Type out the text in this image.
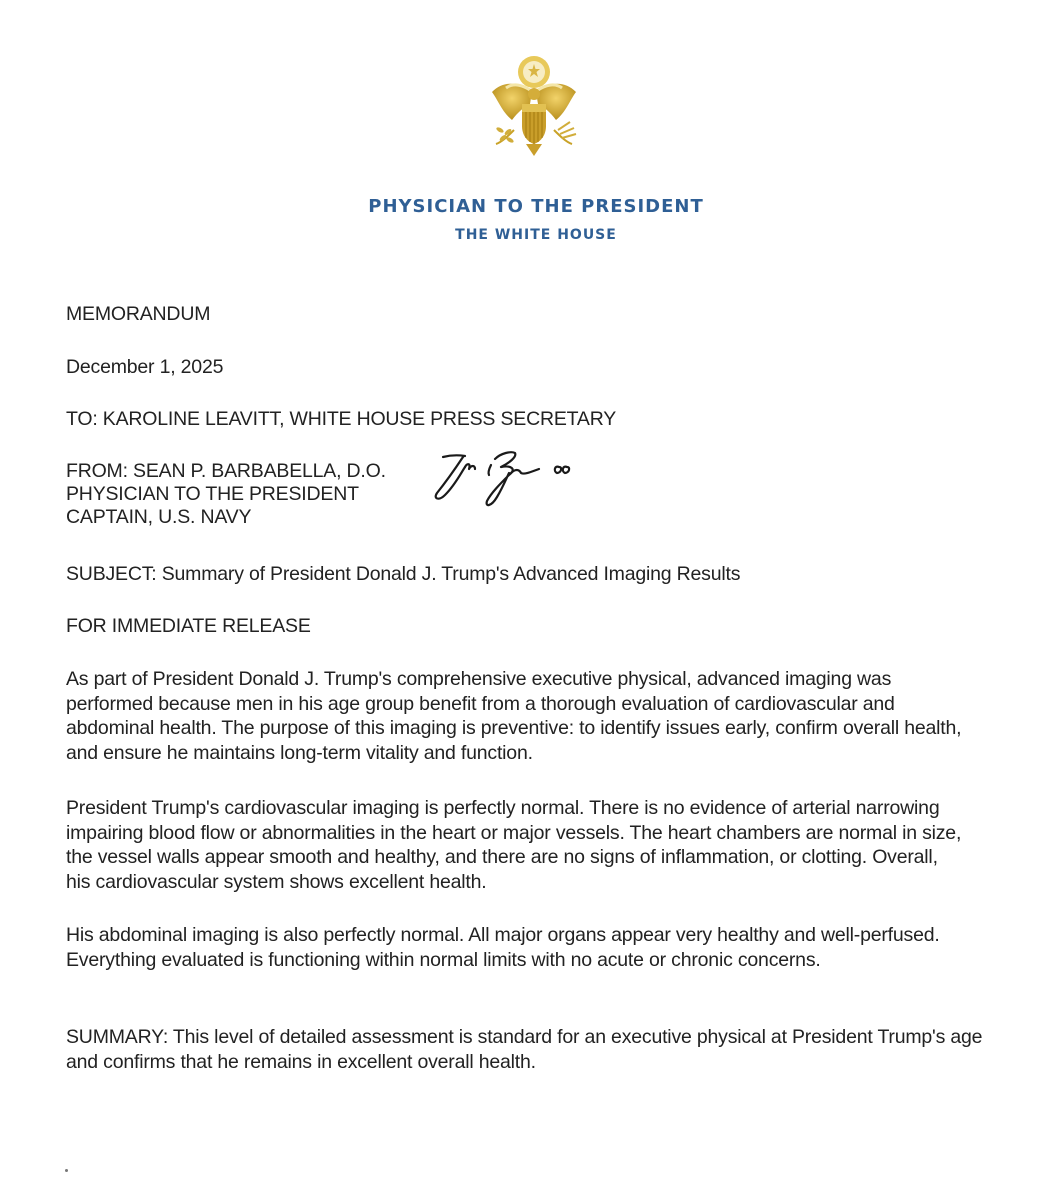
PHYSICIAN TO THE PRESIDENT
THE WHITE HOUSE
MEMORANDUM
December 1, 2025
TO: KAROLINE LEAVITT, WHITE HOUSE PRESS SECRETARY
FROM: SEAN P. BARBABELLA, D.O.
PHYSICIAN TO THE PRESIDENT
CAPTAIN, U.S. NAVY
SUBJECT: Summary of President Donald J. Trump's Advanced Imaging Results
FOR IMMEDIATE RELEASE

As part of President Donald J. Trump's comprehensive executive physical, advanced imaging was performed because men in his age group benefit from a thorough evaluation of cardiovascular and abdominal health. The purpose of this imaging is preventive: to identify issues early, confirm overall health, and ensure he maintains long-term vitality and function.

President Trump's cardiovascular imaging is perfectly normal. There is no evidence of arterial narrowing impairing blood flow or abnormalities in the heart or major vessels. The heart chambers are normal in size, the vessel walls appear smooth and healthy, and there are no signs of inflammation, or clotting. Overall, his cardiovascular system shows excellent health.

His abdominal imaging is also perfectly normal. All major organs appear very healthy and well-perfused. Everything evaluated is functioning within normal limits with no acute or chronic concerns.

SUMMARY: This level of detailed assessment is standard for an executive physical at President Trump's age and confirms that he remains in excellent overall health.
